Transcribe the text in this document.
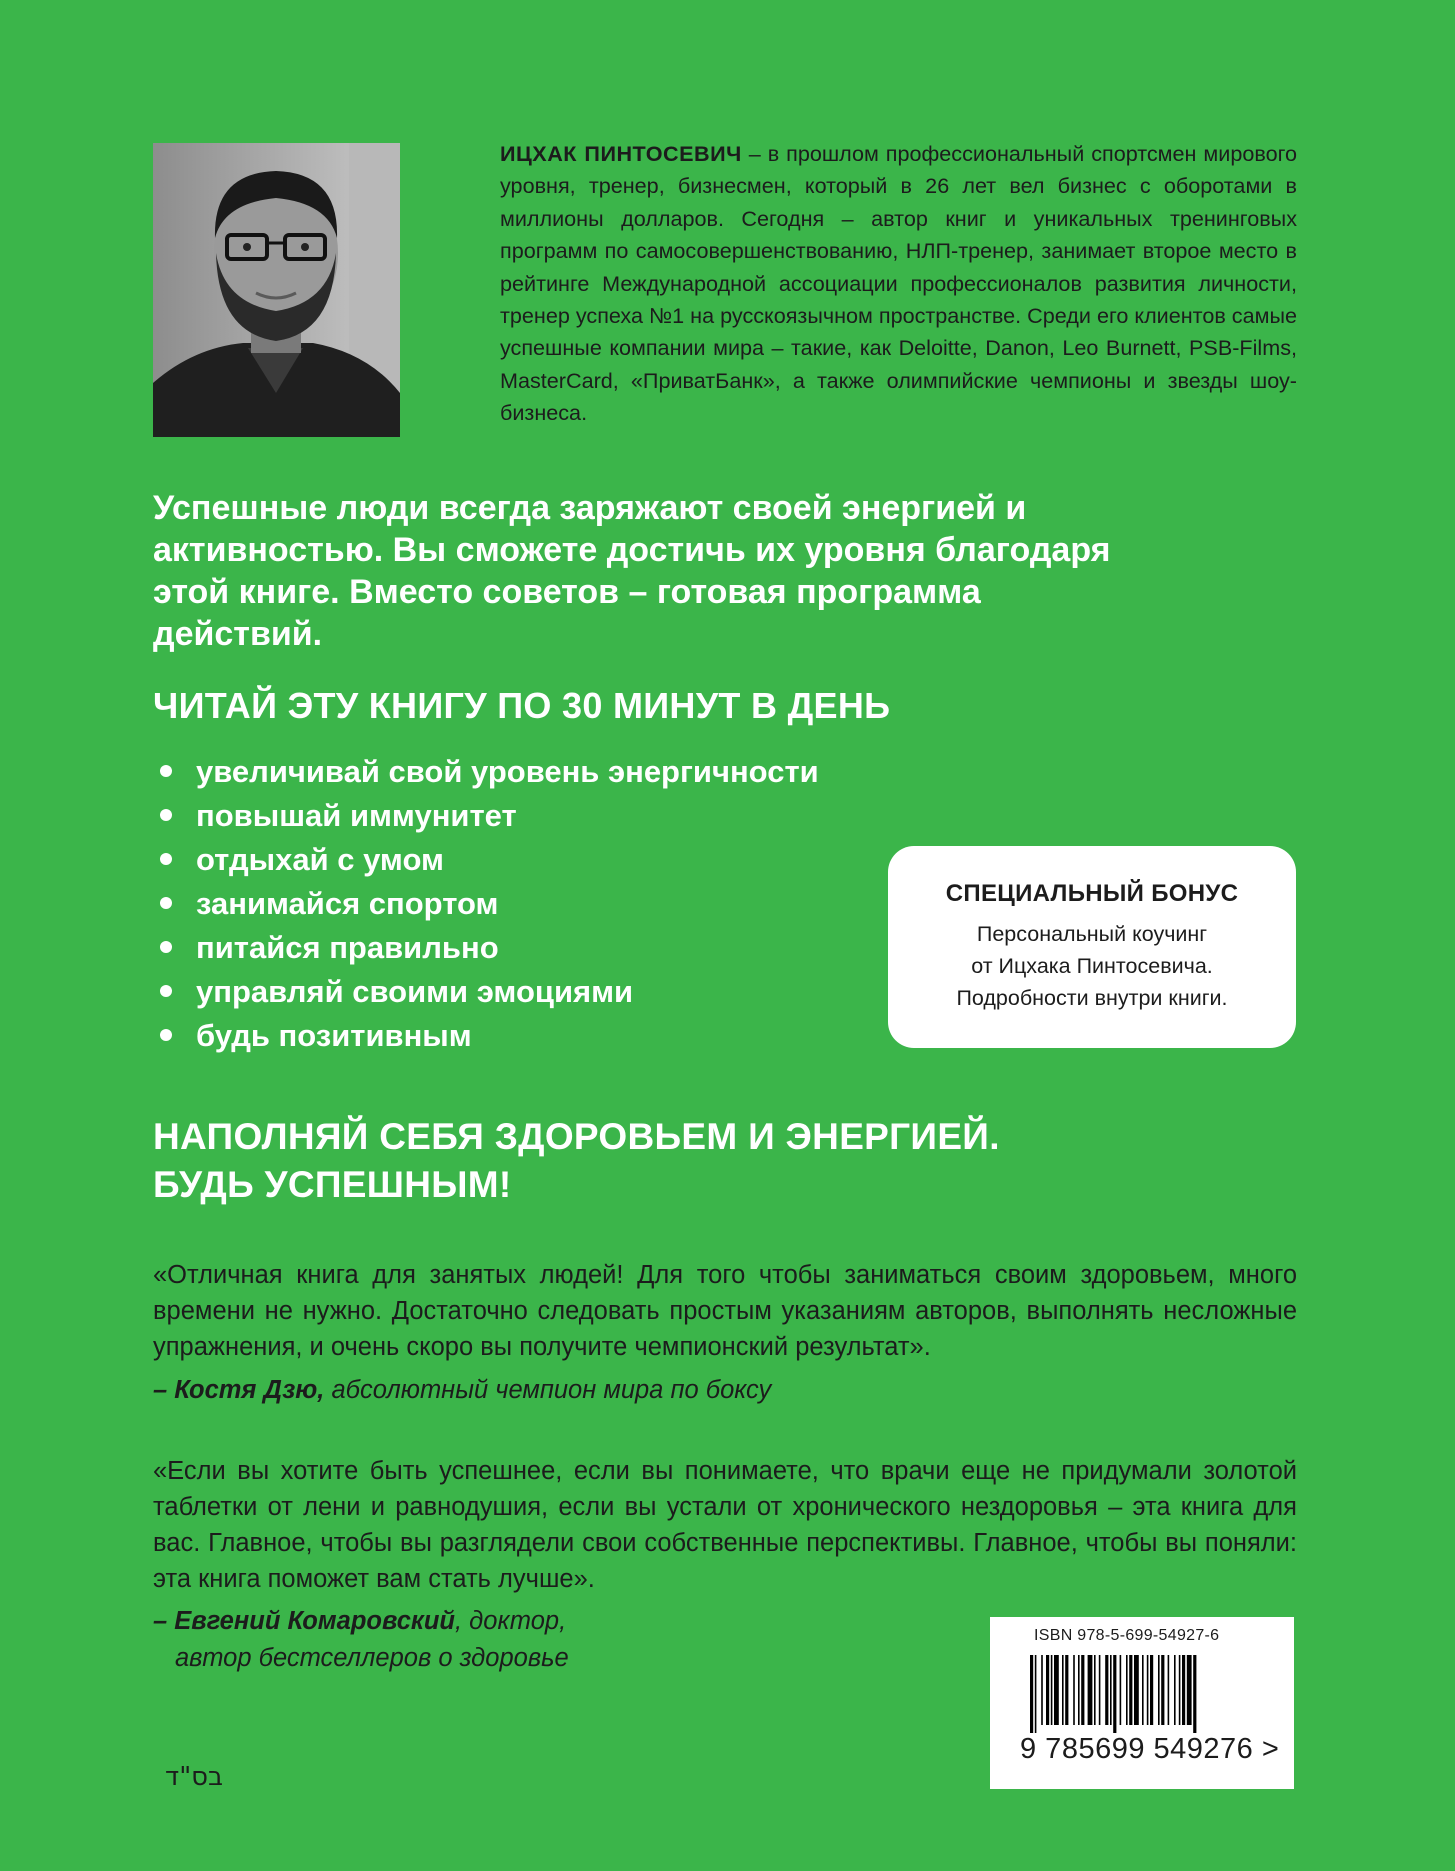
ИЦХАК ПИНТОСЕВИЧ – в прошлом профессиональный спортсмен мирового уровня, тренер, бизнесмен, который в 26 лет вел бизнес с оборотами в миллионы долларов. Сегодня – автор книг и уникальных тренинговых программ по самосовершенствованию, НЛП-тренер, занимает второе место в рейтинге Международной ассоциации профессионалов развития личности, тренер успеха №1 на русскоязычном пространстве. Среди его клиентов самые успешные компании мира – такие, как Deloitte, Danon, Leo Burnett, PSB-Films, MasterCard, «ПриватБанк», а также олимпийские чемпионы и звезды шоу-бизнеса.

Успешные люди всегда заряжают своей энергией и активностью. Вы сможете достичь их уровня благодаря этой книге. Вместо советов – готовая программа действий.

ЧИТАЙ ЭТУ КНИГУ ПО 30 МИНУТ В ДЕНЬ

увеличивай свой уровень энергичности
повышай иммунитет
отдыхай с умом
занимайся спортом
питайся правильно
управляй своими эмоциями
будь позитивным
СПЕЦИАЛЬНЫЙ БОНУС
Персональный коучинг
от Ицхака Пинтосевича.
Подробности внутри книги.
НАПОЛНЯЙ СЕБЯ ЗДОРОВЬЕМ И ЭНЕРГИЕЙ.
БУДЬ УСПЕШНЫМ!

«Отличная книга для занятых людей! Для того чтобы заниматься своим здоровьем, много времени не нужно. Достаточно следовать простым указаниям авторов, выполнять несложные упражнения, и очень скоро вы получите чемпионский результат».

– Костя Дзю, абсолютный чемпион мира по боксу

«Если вы хотите быть успешнее, если вы понимаете, что врачи еще не придумали золотой таблетки от лени и равнодушия, если вы устали от хронического нездоровья – эта книга для вас. Главное, чтобы вы разглядели свои собственные перспективы. Главное, чтобы вы поняли: эта книга поможет вам стать лучше».

– Евгений Комаровский, доктор,

автор бестселлеров о здоровье

ISBN 978-5-699-54927-6
9 785699 549276 >

בס"ד
